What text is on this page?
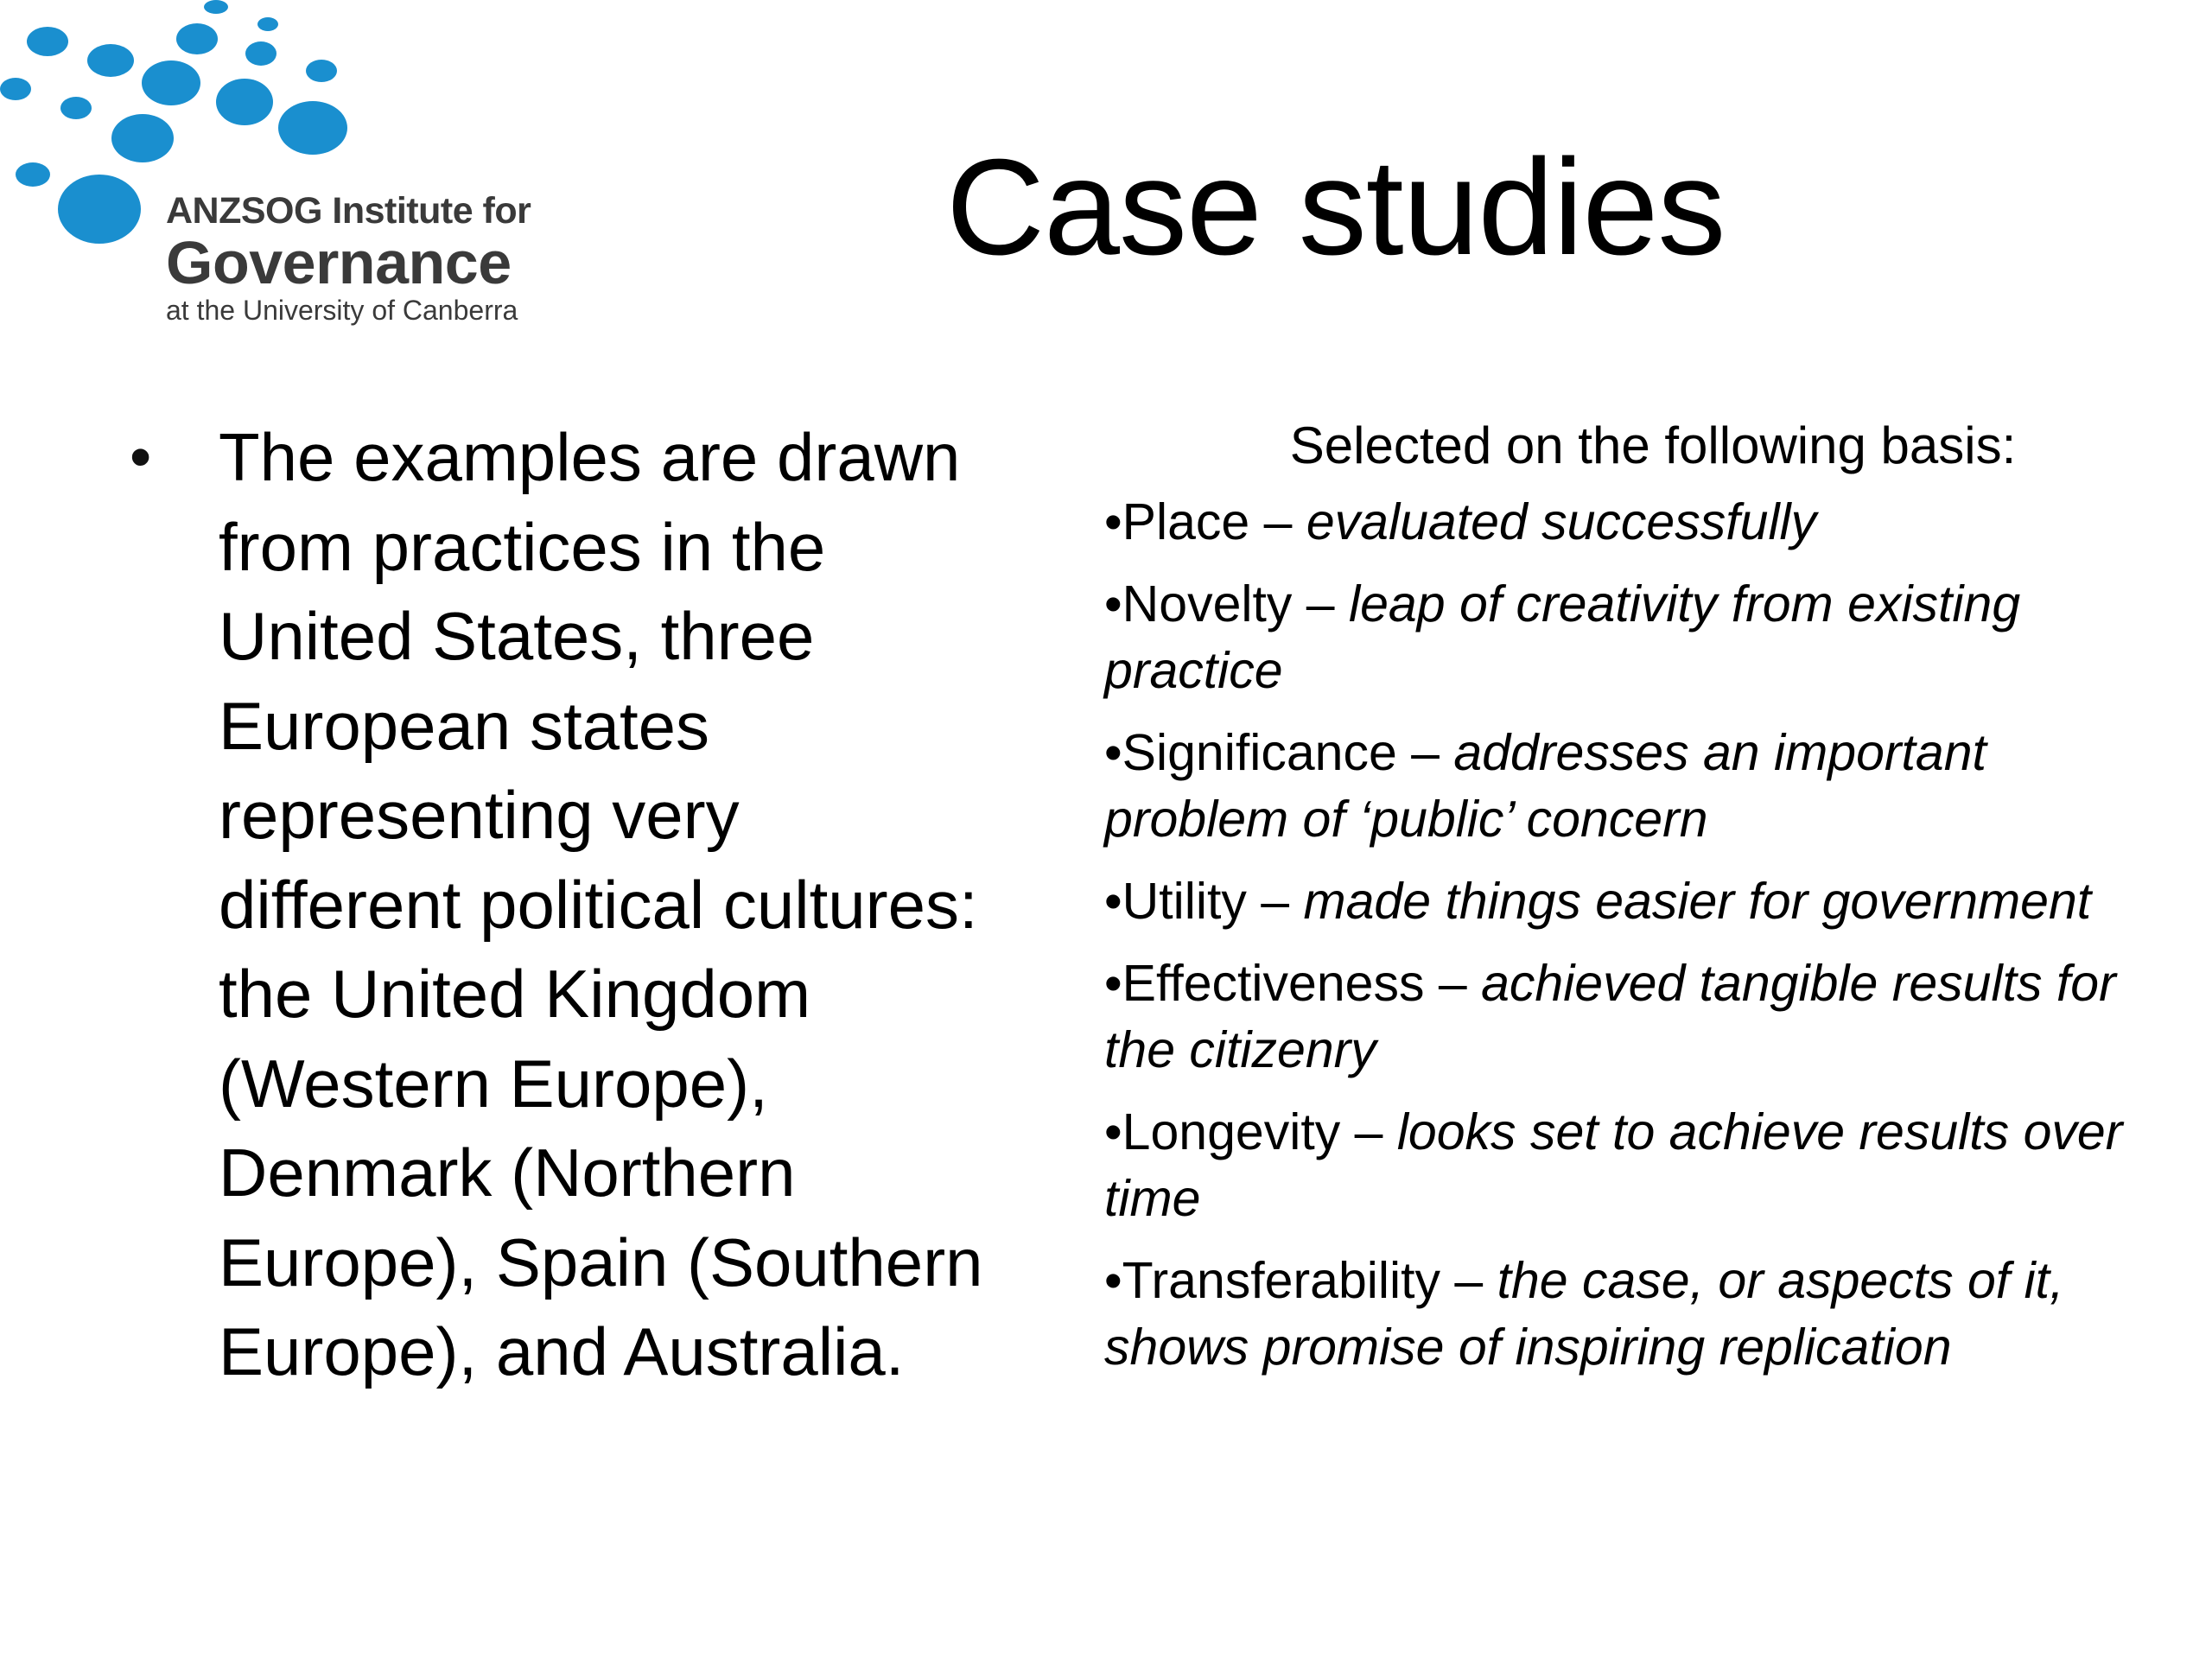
ANZSOG Institute for
Governance
at the University of Canberra
Case studies
• The examples are drawn
from practices in the
United States, three
European states
representing very
different political cultures:
the United Kingdom
(Western Europe),
Denmark (Northern
Europe), Spain (Southern
Europe), and Australia.
Selected on the following basis:
•Place – evaluated successfully
•Novelty – leap of creativity from existing practice
•Significance – addresses an important problem of ‘public’ concern
•Utility – made things easier for government
•Effectiveness – achieved tangible results for the citizenry
•Longevity – looks set to achieve results over time
•Transferability – the case, or aspects of it, shows promise of inspiring replication
